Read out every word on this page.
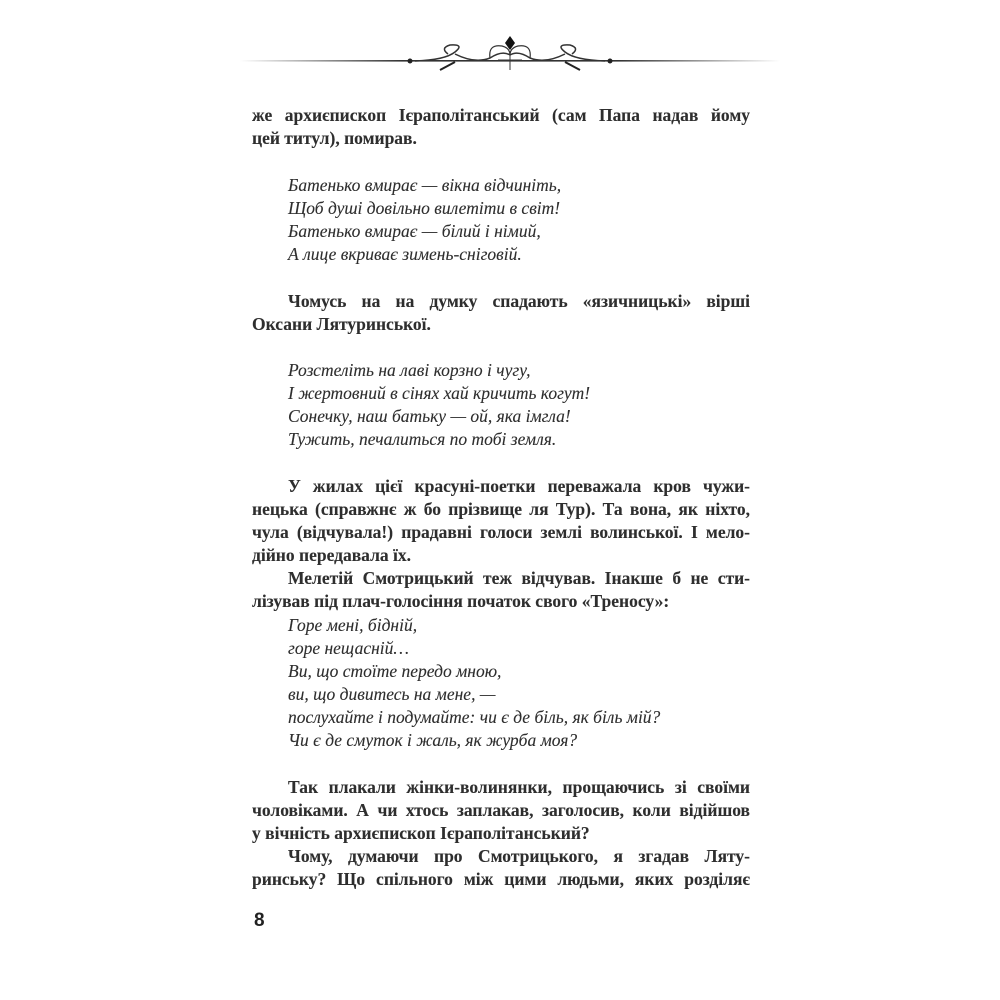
же архиєпископ Ієраполітанський (сам Папа надав йому
цей титул), помирав.
Батенько вмирає — вікна відчиніть,
Щоб душі довільно вилетіти в світ!
Батенько вмирає — білий і німий,
А лице вкриває зимень-сніговій.
Чомусь на на думку спадають «язичницькі» вірші
Оксани Лятуринської.
Розстеліть на лаві корзно і чугу,
І жертовний в сінях хай кричить когут!
Сонечку, наш батьку — ой, яка імгла!
Тужить, печалиться по тобі земля.
У жилах цієї красуні-поетки переважала кров чужи-
нецька (справжнє ж бо прізвище ля Тур). Та вона, як ніхто,
чула (відчувала!) прадавні голоси землі волинської. І мело-
дійно передавала їх.
Мелетій Смотрицький теж відчував. Інакше б не сти-
лізував під плач-голосіння початок свого «Треносу»:
Горе мені, бідній,
горе нещасній…
Ви, що стоїте передо мною,
ви, що дивитесь на мене, —
послухайте і подумайте: чи є де біль, як біль мій?
Чи є де смуток і жаль, як журба моя?
Так плакали жінки-волинянки, прощаючись зі своїми
чоловіками. А чи хтось заплакав, заголосив, коли відійшов
у вічність архиєпископ Ієраполітанський?
Чому, думаючи про Смотрицького, я згадав Ляту-
ринську? Що спільного між цими людьми, яких розділяє
8
